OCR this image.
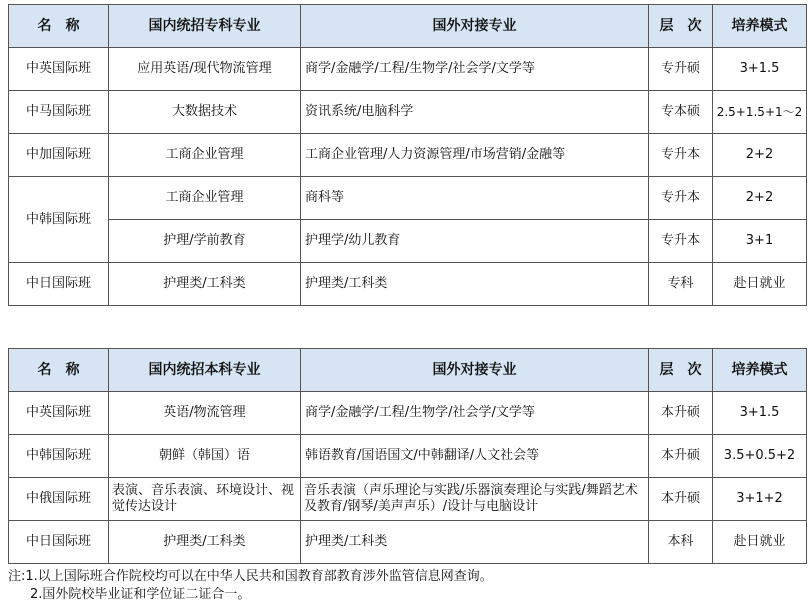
名　称	国内统招专科专业	国外对接专业	层　次	培养模式
中英国际班	应用英语/现代物流管理	商学/金融学/工程/生物学/社会学/文学等	专升硕	3+1.5
中马国际班	大数据技术	资讯系统/电脑科学	专本硕	2.5+1.5+1～2
中加国际班	工商企业管理	工商企业管理/人力资源管理/市场营销/金融等	专升本	2+2
中韩国际班	工商企业管理	商科等	专升本	2+2
	护理/学前教育	护理学/幼儿教育	专升本	3+1
中日国际班	护理类/工科类	护理类/工科类	专科	赴日就业
名　称	国内统招本科专业	国外对接专业	层　次	培养模式
中英国际班	英语/物流管理	商学/金融学/工程/生物学/社会学/文学等	本升硕	3+1.5
中韩国际班	朝鲜（韩国）语	韩语教育/国语国文/中韩翻译/人文社会等	本升硕	3.5+0.5+2
中俄国际班	表演、音乐表演、环境设计、视觉传达设计	音乐表演（声乐理论与实践/乐器演奏理论与实践/舞蹈艺术及教育/钢琴/美声声乐）/设计与电脑设计	本升硕	3+1+2
中日国际班	护理类/工科类	护理类/工科类	本科	赴日就业
注:1.以上国际班合作院校均可以在中华人民共和国教育部教育涉外监管信息网查询。
2.国外院校毕业证和学位证二证合一。
